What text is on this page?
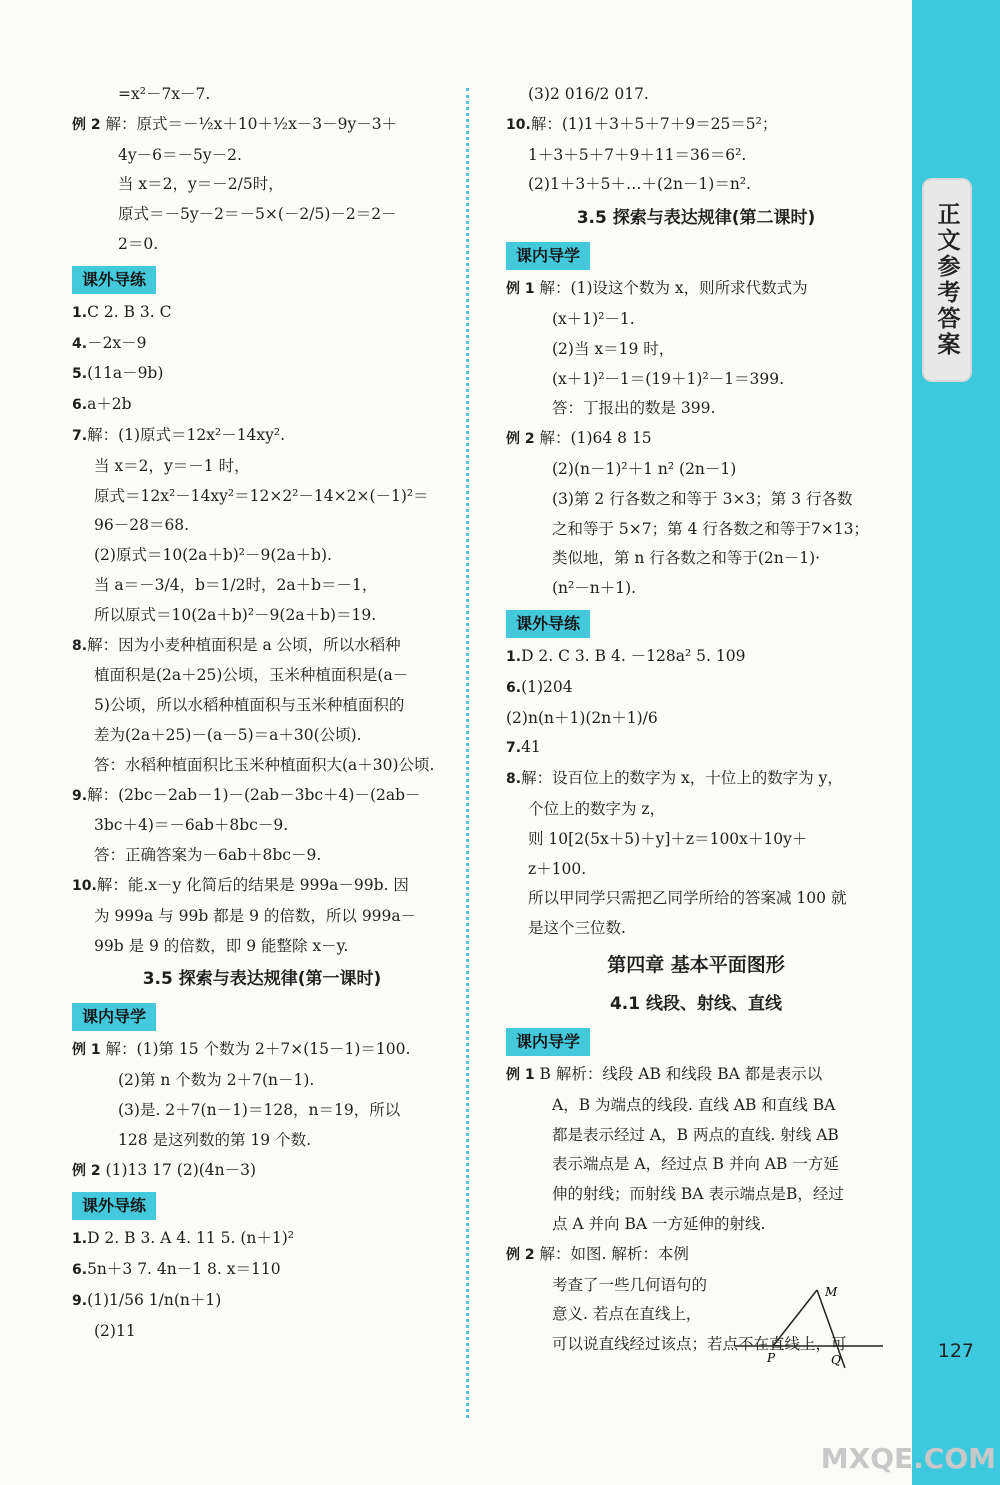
正文参考答案
127
=x²－7x－7.
例 2 解：原式＝－½x＋10＋½x－3－9y－3＋
4y－6＝－5y－2.
当 x＝2，y＝－2/5时，
原式＝－5y－2＝－5×(－2/5)－2＝2－
2＝0.
课外导练
1.C 2. B 3. C
4.－2x－9
5.(11a－9b)
6.a＋2b
7.解：(1)原式＝12x²－14xy².
当 x＝2，y＝－1 时，
原式＝12x²－14xy²＝12×2²－14×2×(－1)²＝
96－28＝68.
(2)原式＝10(2a＋b)²－9(2a＋b).
当 a＝－3/4，b＝1/2时，2a＋b＝－1，
所以原式＝10(2a＋b)²－9(2a＋b)＝19.
8.解：因为小麦种植面积是 a 公顷，所以水稻种
植面积是(2a＋25)公顷，玉米种植面积是(a－
5)公顷，所以水稻种植面积与玉米种植面积的
差为(2a＋25)－(a－5)＝a＋30(公顷).
答：水稻种植面积比玉米种植面积大(a＋30)公顷.
9.解：(2bc－2ab－1)－(2ab－3bc＋4)－(2ab－
3bc＋4)＝－6ab＋8bc－9.
答：正确答案为－6ab＋8bc－9.
10.解：能.x－y 化简后的结果是 999a－99b. 因
为 999a 与 99b 都是 9 的倍数，所以 999a－
99b 是 9 的倍数，即 9 能整除 x－y.
3.5 探索与表达规律(第一课时)
课内导学
例 1 解：(1)第 15 个数为 2＋7×(15－1)＝100.
(2)第 n 个数为 2＋7(n－1).
(3)是. 2＋7(n－1)＝128，n＝19，所以
128 是这列数的第 19 个数.
例 2 (1)13 17 (2)(4n－3)
课外导练
1.D 2. B 3. A 4. 11 5. (n＋1)²
6.5n＋3 7. 4n－1 8. x＝110
9.(1)1/56 1/n(n＋1)
(2)11
(3)2 016/2 017.
10.解：(1)1＋3＋5＋7＋9＝25＝5²；
1＋3＋5＋7＋9＋11＝36＝6².
(2)1＋3＋5＋…＋(2n－1)＝n².
3.5 探索与表达规律(第二课时)
课内导学
例 1 解：(1)设这个数为 x，则所求代数式为
(x＋1)²－1.
(2)当 x＝19 时，
(x＋1)²－1＝(19＋1)²－1＝399.
答：丁报出的数是 399.
例 2 解：(1)64 8 15
(2)(n－1)²＋1 n² (2n－1)
(3)第 2 行各数之和等于 3×3；第 3 行各数
之和等于 5×7；第 4 行各数之和等于7×13；
类似地，第 n 行各数之和等于(2n－1)·
(n²－n＋1).
课外导练
1.D 2. C 3. B 4. －128a² 5. 109
6.(1)204
(2)n(n＋1)(2n＋1)/6
7.41
8.解：设百位上的数字为 x，十位上的数字为 y，
个位上的数字为 z，
则 10[2(5x＋5)＋y]＋z＝100x＋10y＋
z＋100.
所以甲同学只需把乙同学所给的答案减 100 就
是这个三位数.
第四章 基本平面图形
4.1 线段、射线、直线
课内导学
例 1 B 解析：线段 AB 和线段 BA 都是表示以
A，B 为端点的线段. 直线 AB 和直线 BA
都是表示经过 A，B 两点的直线. 射线 AB
表示端点是 A，经过点 B 并向 AB 一方延
伸的射线；而射线 BA 表示端点是B，经过
点 A 并向 BA 一方延伸的射线.
例 2 解：如图. 解析：本例
考查了一些几何语句的
意义. 若点在直线上，
可以说直线经过该点；若点不在直线上，可
M
P	Q
MXQE.COM
